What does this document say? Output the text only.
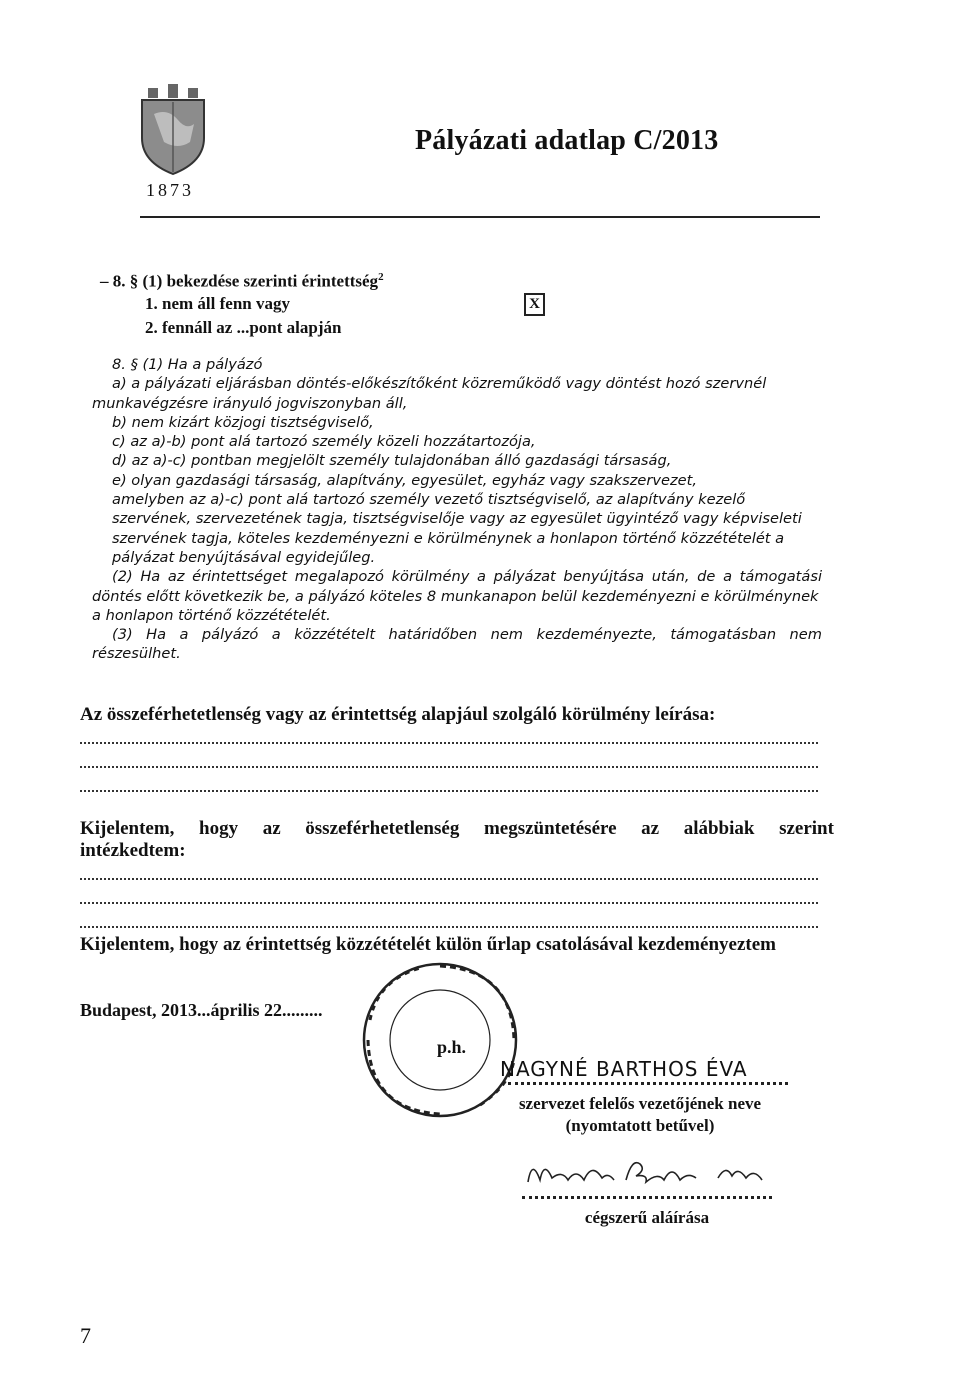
1873
Pályázati adatlap C/2013
– 8. § (1) bekezdése szerinti érintettség$^2$
1. nem áll fenn vagy	X
2. fennáll az ...pont alapján

8. § (1) Ha a pályázó

a) a pályázati eljárásban döntés-előkészítőként közreműködő vagy döntést hozó szervnél

munkavégzésre irányuló jogviszonyban áll,

b) nem kizárt közjogi tisztségviselő,

c) az a)-b) pont alá tartozó személy közeli hozzátartozója,

d) az a)-c) pontban megjelölt személy tulajdonában álló gazdasági társaság,

e) olyan gazdasági társaság, alapítvány, egyesület, egyház vagy szakszervezet,

amelyben az a)-c) pont alá tartozó személy vezető tisztségviselő, az alapítvány kezelő

szervének, szervezetének tagja, tisztségviselője vagy az egyesület ügyintéző vagy képviseleti

szervének tagja, köteles kezdeményezni e körülménynek a honlapon történő közzétételét a

pályázat benyújtásával egyidejűleg.

(2) Ha az érintettséget megalapozó körülmény a pályázat benyújtása után, de a támogatási

döntés előtt következik be, a pályázó köteles 8 munkanapon belül kezdeményezni e körülménynek

a honlapon történő közzétételét.

(3) Ha a pályázó a közzétételt határidőben nem kezdeményezte, támogatásban nem

részesülhet.

Az összeférhetetlenség vagy az érintettség alapjául szolgáló körülmény leírása:
Kijelentem, hogy az összeférhetetlenség megszüntetésére az alábbiak szerint
intézkedtem:
Kijelentem, hogy az érintettség közzétételét külön űrlap csatolásával kezdeményeztem
Budapest, 2013...április 22.........
p.h.
NAGYNÉ BARTHOS ÉVA
szervezet felelős vezetőjének neve
(nyomtatott betűvel)
cégszerű aláírása
7
